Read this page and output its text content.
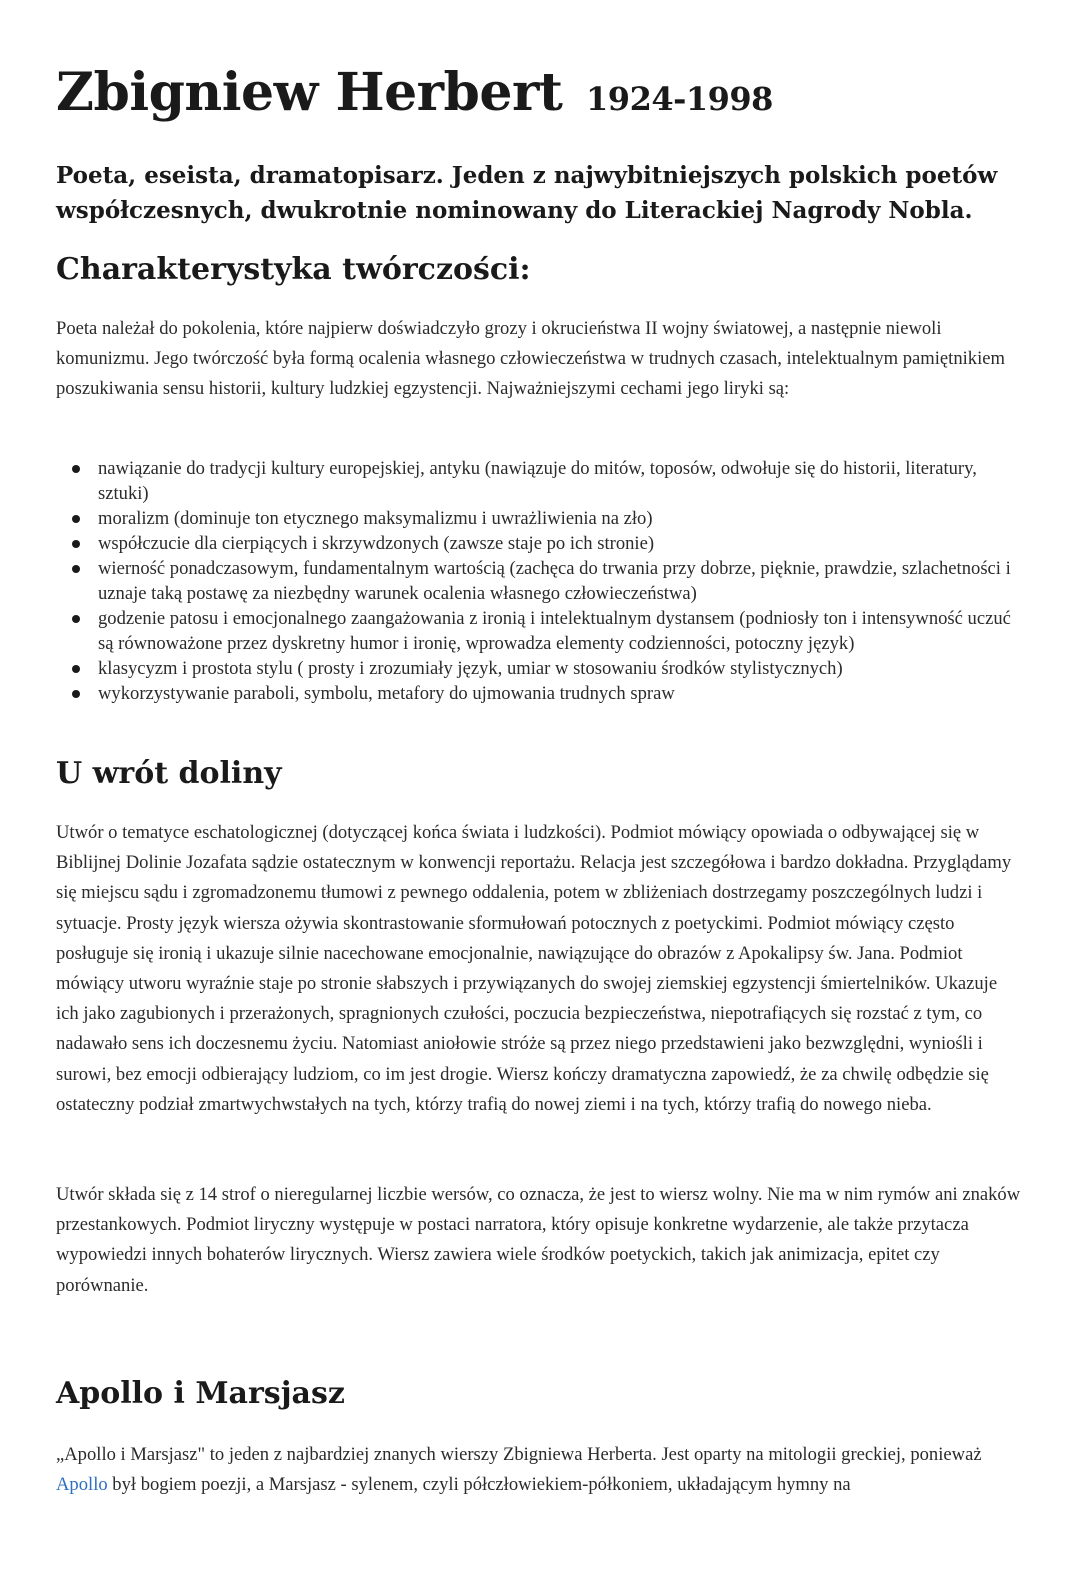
Zbigniew Herbert 1924-1998

Poeta, eseista, dramatopisarz. Jeden z najwybitniejszych polskich poetów współczesnych, dwukrotnie nominowany do Literackiej Nagrody Nobla.

Charakterystyka twórczości:

Poeta należał do pokolenia, które najpierw doświadczyło grozy i okrucieństwa II wojny światowej, a następnie niewoli komunizmu. Jego twórczość była formą ocalenia własnego człowieczeństwa w trudnych czasach, intelektualnym pamiętnikiem poszukiwania sensu historii, kultury ludzkiej egzystencji. Najważniejszymi cechami jego liryki są:

nawiązanie do tradycji kultury europejskiej, antyku (nawiązuje do mitów, toposów, odwołuje się do historii, literatury, sztuki)
moralizm (dominuje ton etycznego maksymalizmu i uwrażliwienia na zło)
współczucie dla cierpiących i skrzywdzonych (zawsze staje po ich stronie)
wierność ponadczasowym, fundamentalnym wartością (zachęca do trwania przy dobrze, pięknie, prawdzie, szlachetności i uznaje taką postawę za niezbędny warunek ocalenia własnego człowieczeństwa)
godzenie patosu i emocjonalnego zaangażowania z ironią i intelektualnym dystansem (podniosły ton i intensywność uczuć są równoważone przez dyskretny humor i ironię, wprowadza elementy codzienności, potoczny język)
klasycyzm i prostota stylu ( prosty i zrozumiały język, umiar w stosowaniu środków stylistycznych)
wykorzystywanie paraboli, symbolu, metafory do ujmowania trudnych spraw
U wrót doliny

Utwór o tematyce eschatologicznej (dotyczącej końca świata i ludzkości). Podmiot mówiący opowiada o odbywającej się w Biblijnej Dolinie Jozafata sądzie ostatecznym w konwencji reportażu. Relacja jest szczegółowa i bardzo dokładna. Przyglądamy się miejscu sądu i zgromadzonemu tłumowi z pewnego oddalenia, potem w zbliżeniach dostrzegamy poszczególnych ludzi i sytuacje. Prosty język wiersza ożywia skontrastowanie sformułowań potocznych z poetyckimi. Podmiot mówiący często posługuje się ironią i ukazuje silnie nacechowane emocjonalnie, nawiązujące do obrazów z Apokalipsy św. Jana. Podmiot mówiący utworu wyraźnie staje po stronie słabszych i przywiązanych do swojej ziemskiej egzystencji śmiertelników. Ukazuje ich jako zagubionych i przerażonych, spragnionych czułości, poczucia bezpieczeństwa, niepotrafiących się rozstać z tym, co nadawało sens ich doczesnemu życiu. Natomiast aniołowie stróże są przez niego przedstawieni jako bezwzględni, wyniośli i surowi, bez emocji odbierający ludziom, co im jest drogie. Wiersz kończy dramatyczna zapowiedź, że za chwilę odbędzie się ostateczny podział zmartwychwstałych na tych, którzy trafią do nowej ziemi i na tych, którzy trafią do nowego nieba.

Utwór składa się z 14 strof o nieregularnej liczbie wersów, co oznacza, że jest to wiersz wolny. Nie ma w nim rymów ani znaków przestankowych. Podmiot liryczny występuje w postaci narratora, który opisuje konkretne wydarzenie, ale także przytacza wypowiedzi innych bohaterów lirycznych. Wiersz zawiera wiele środków poetyckich, takich jak animizacja, epitet czy porównanie.

Apollo i Marsjasz

„Apollo i Marsjasz" to jeden z najbardziej znanych wierszy Zbigniewa Herberta. Jest oparty na mitologii greckiej, ponieważ Apollo był bogiem poezji, a Marsjasz - sylenem, czyli półczłowiekiem-półkoniem, układającym hymny na
